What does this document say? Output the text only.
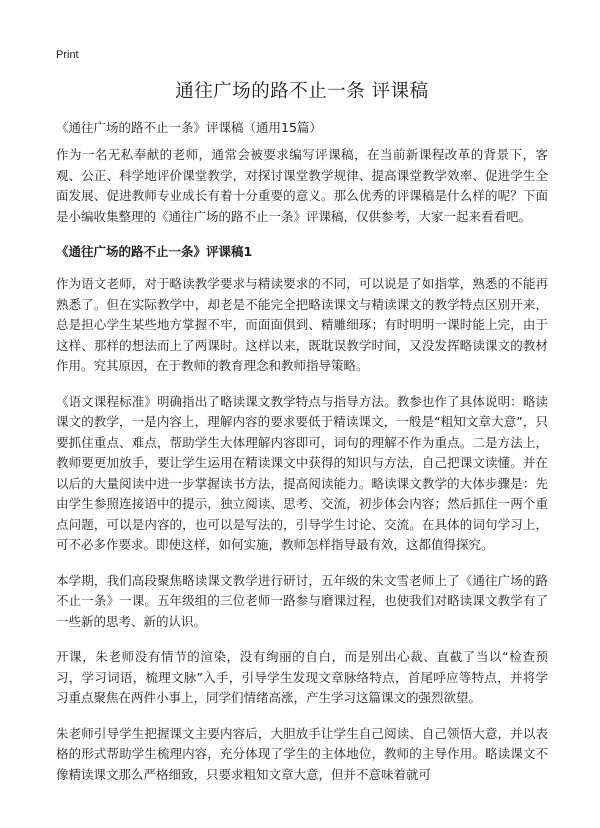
Print
通往广场的路不止一条 评课稿
《通往广场的路不止一条》评课稿（通用15篇）

作为一名无私奉献的老师，通常会被要求编写评课稿，在当前新课程改革的背景下，客观、公正、科学地评价课堂教学，对探讨课堂教学规律、提高课堂教学效率、促进学生全面发展、促进教师专业成长有着十分重要的意义。那么优秀的评课稿是什么样的呢？下面是小编收集整理的《通往广场的路不止一条》评课稿，仅供参考，大家一起来看看吧。

《通往广场的路不止一条》评课稿1

作为语文老师，对于略读教学要求与精读要求的不同，可以说是了如指掌，熟悉的不能再熟悉了。但在实际教学中，却老是不能完全把略读课文与精读课文的教学特点区别开来，总是担心学生某些地方掌握不牢，而面面俱到、精雕细琢；有时明明一课时能上完，由于这样、那样的想法而上了两课时。这样以来，既耽误教学时间，又没发挥略读课文的教材作用。究其原因，在于教师的教育理念和教师指导策略。

《语文课程标准》明确指出了略读课文教学特点与指导方法。教参也作了具体说明：略读课文的教学，一是内容上，理解内容的要求要低于精读课文，一般是“粗知文章大意”，只要抓住重点、难点，帮助学生大体理解内容即可，词句的理解不作为重点。二是方法上，教师要更加放手，要让学生运用在精读课文中获得的知识与方法，自己把课文读懂。并在以后的大量阅读中进一步掌握读书方法，提高阅读能力。略读课文教学的大体步骤是：先由学生参照连接语中的提示，独立阅读、思考、交流，初步体会内容；然后抓住一两个重点问题，可以是内容的，也可以是写法的，引导学生讨论、交流。在具体的词句学习上，可不必多作要求。即使这样，如何实施，教师怎样指导最有效，这都值得探究。

本学期，我们高段聚焦略读课文教学进行研讨，五年级的朱文雪老师上了《通往广场的路不止一条》一课。五年级组的三位老师一路参与磨课过程，也使我们对略读课文教学有了一些新的思考、新的认识。

开课，朱老师没有情节的渲染，没有绚丽的自白，而是别出心裁、直截了当以“检查预习，学习词语，梳理文脉”入手，引导学生发现文章脉络特点，首尾呼应等特点，并将学习重点聚焦在两件小事上，同学们情绪高涨，产生学习这篇课文的强烈欲望。

朱老师引导学生把握课文主要内容后，大胆放手让学生自己阅读、自己领悟大意，并以表格的形式帮助学生梳理内容，充分体现了学生的主体地位，教师的主导作用。略读课文不像精读课文那么严格细致，只要求粗知文章大意，但并不意味着就可
